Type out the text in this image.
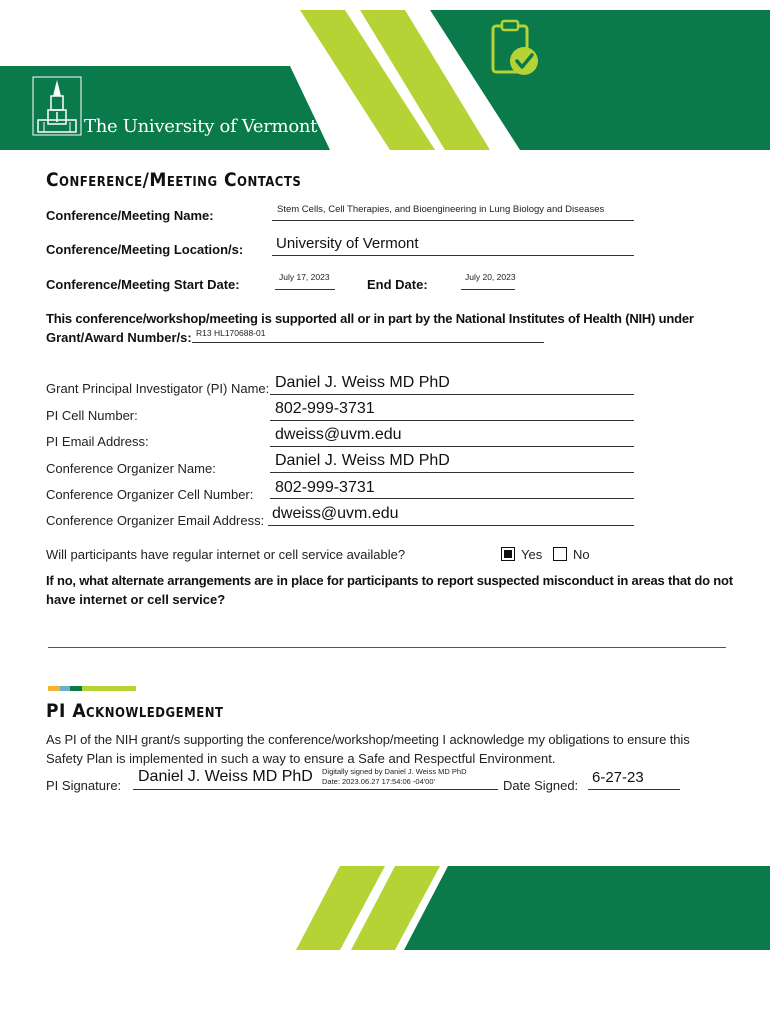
The University of Vermont
Conference/Meeting Contacts
Conference/Meeting Name:	Stem Cells, Cell Therapies, and Bioengineering in Lung Biology and Diseases
Conference/Meeting Location/s: University of Vermont
Conference/Meeting Start Date:	July 17, 2023	End Date:	July 20, 2023
This conference/workshop/meeting is supported all or in part by the National Institutes of Health (NIH) under
Grant/Award Number/s: R13 HL170688-01
Grant Principal Investigator (PI) Name: Daniel J. Weiss MD PhD
PI Cell Number:	802-999-3731
PI Email Address:	dweiss@uvm.edu
Conference Organizer Name:	Daniel J. Weiss MD PhD
Conference Organizer Cell Number: 802-999-3731
Conference Organizer Email Address: dweiss@uvm.edu
Will participants have regular internet or cell service available?	Yes No
If no, what alternate arrangements are in place for participants to report suspected misconduct in areas that do not
have internet or cell service?
PI Acknowledgement
As PI of the NIH grant/s supporting the conference/workshop/meeting I acknowledge my obligations to ensure this
Safety Plan is implemented in such a way to ensure a Safe and Respectful Environment.
PI Signature:
Daniel J. Weiss MD PhD Digitally signed by Daniel J. Weiss MD PhD
Date: 2023.06.27 17:54:06 -04'00'	Date Signed: 6-27-23
